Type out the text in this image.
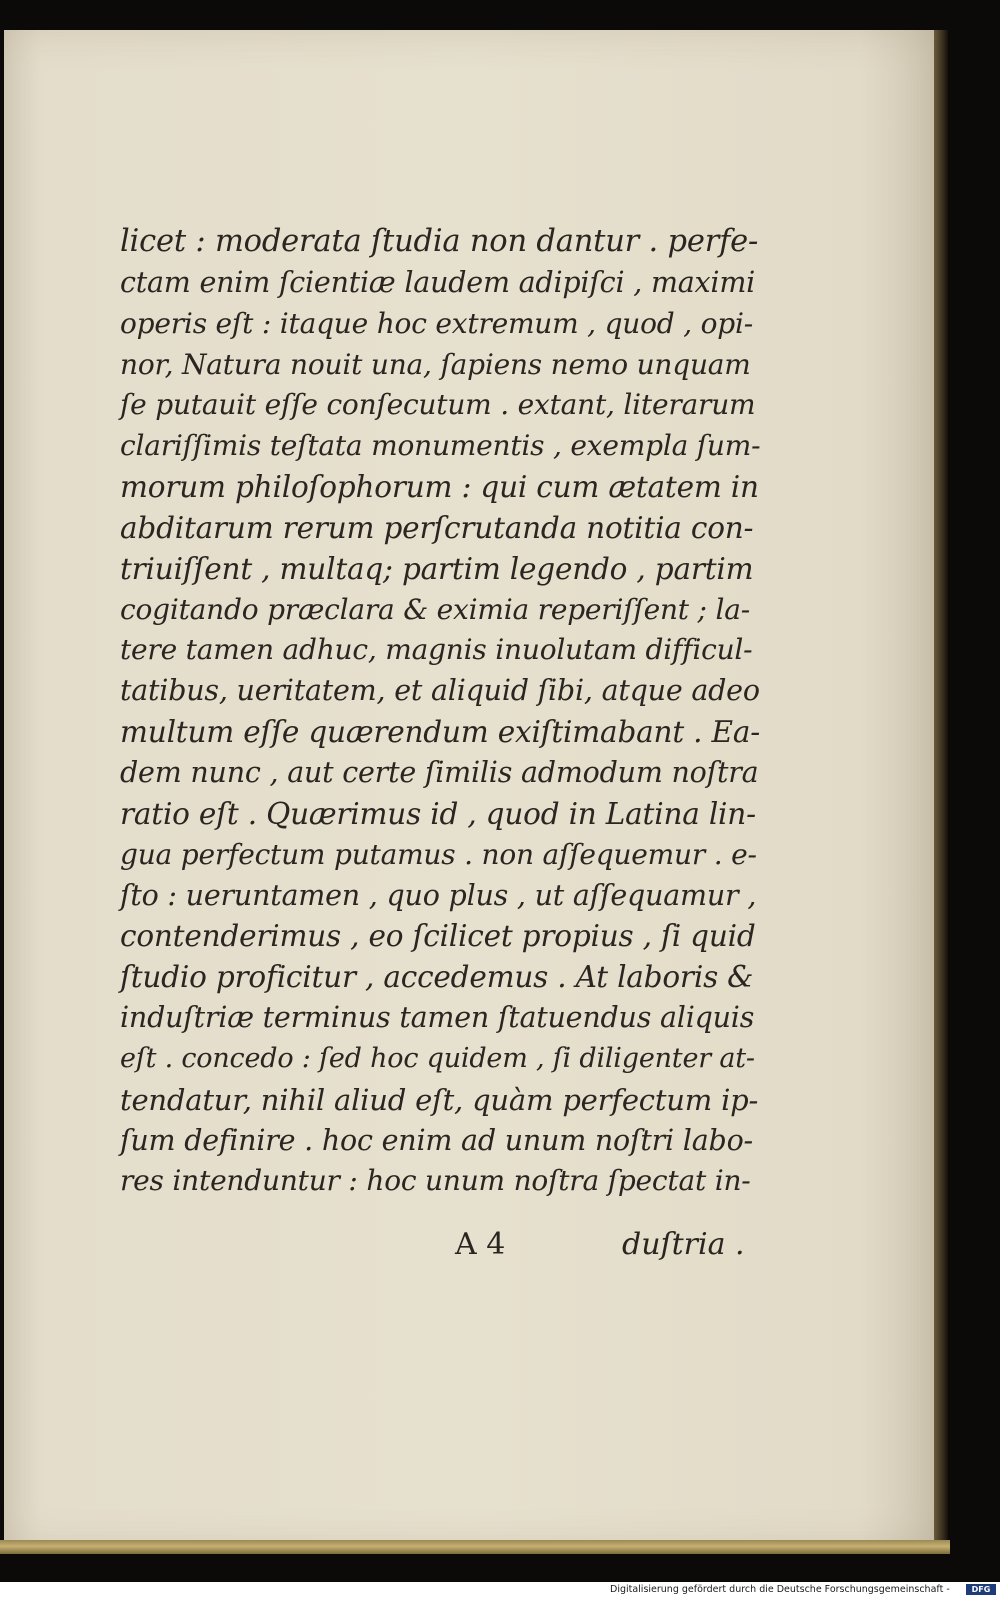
licet : moderata ſtudia non dantur . perfe-
ctam enim ſcientiæ laudem adipiſci , maximi
operis eſt : itaque hoc extremum , quod , opi-
nor, Natura nouit una, ſapiens nemo unquam
ſe putauit eſſe conſecutum . extant, literarum
clariſſimis teſtata monumentis , exempla ſum-
morum philoſophorum : qui cum ætatem in
abditarum rerum perſcrutanda notitia con-
triuiſſent , multaq; partim legendo , partim
cogitando præclara & eximia reperiſſent ; la-
tere tamen adhuc, magnis inuolutam difficul-
tatibus, ueritatem, et aliquid ſibi, atque adeo
multum eſſe quærendum exiſtimabant . Ea-
dem nunc , aut certe ſimilis admodum noſtra
ratio eſt . Quærimus id , quod in Latina lin-
gua perfectum putamus . non aſſequemur . e-
ſto : ueruntamen , quo plus , ut aſſequamur ,
contenderimus , eo ſcilicet propius , ſi quid
ſtudio proficitur , accedemus . At laboris &
induſtriæ terminus tamen ſtatuendus aliquis
eſt . concedo : ſed hoc quidem , ſi diligenter at-
tendatur, nihil aliud eſt, quàm perfectum ip-
ſum definire . hoc enim ad unum noſtri labo-
res intenduntur : hoc unum noſtra ſpectat in-
A 4	duſtria .
Digitalisierung gefördert durch die Deutsche Forschungsgemeinschaft -	DFG
